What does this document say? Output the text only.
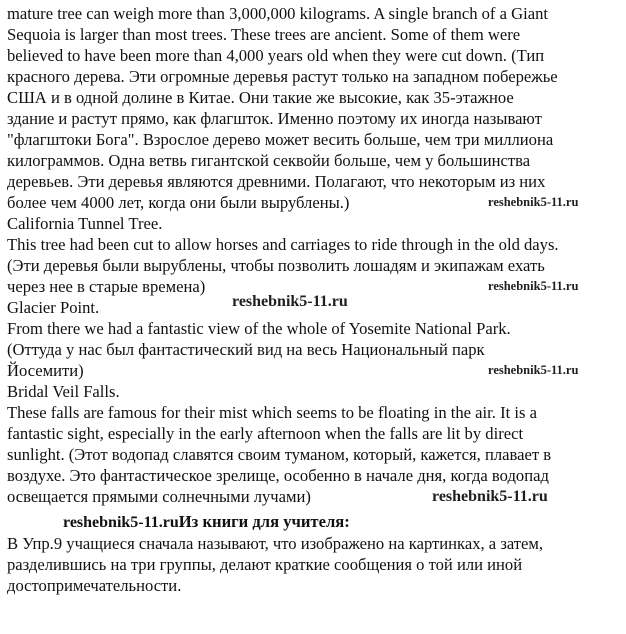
mature tree can weigh more than 3,000,000 kilograms. A single branch of a Giant
Sequoia is larger than most trees. These trees are ancient. Some of them were
believed to have been more than 4,000 years old when they were cut down. (Тип
красного дерева. Эти огромные деревья растут только на западном побережье
США и в одной долине в Китае. Они такие же высокие, как 35-этажное
здание и растут прямо, как флагшток. Именно поэтому их иногда называют
"флагштоки Бога". Взрослое дерево может весить больше, чем три миллиона
килограммов. Одна ветвь гигантской секвойи больше, чем у большинства
деревьев. Эти деревья являются древними. Полагают, что некоторым из них
более чем 4000 лет, когда они были вырублены.)
California Tunnel Tree.
This tree had been cut to allow horses and carriages to ride through in the old days.
(Эти деревья были вырублены, чтобы позволить лошадям и экипажам ехать
через нее в старые времена)
Glacier Point.
From there we had a fantastic view of the whole of Yosemite National Park.
(Оттуда у нас был фантастический вид на весь Национальный парк
Йосемити)
Bridal Veil Falls.
These falls are famous for their mist which seems to be floating in the air. It is a
fantastic sight, especially in the early afternoon when the falls are lit by direct
sunlight. (Этот водопад славятся своим туманом, который, кажется, плавает в
воздухе. Это фантастическое зрелище, особенно в начале дня, когда водопад
освещается прямыми солнечными лучами)
reshebnik5-11.ruИз книги для учителя:
В Упр.9 учащиеся сначала называют, что изображено на картинках, а затем,
разделившись на три группы, делают краткие сообщения о той или иной
достопримечательности.
reshebnik5-11.ru
reshebnik5-11.ru
reshebnik5-11.ru
reshebnik5-11.ru
reshebnik5-11.ru
